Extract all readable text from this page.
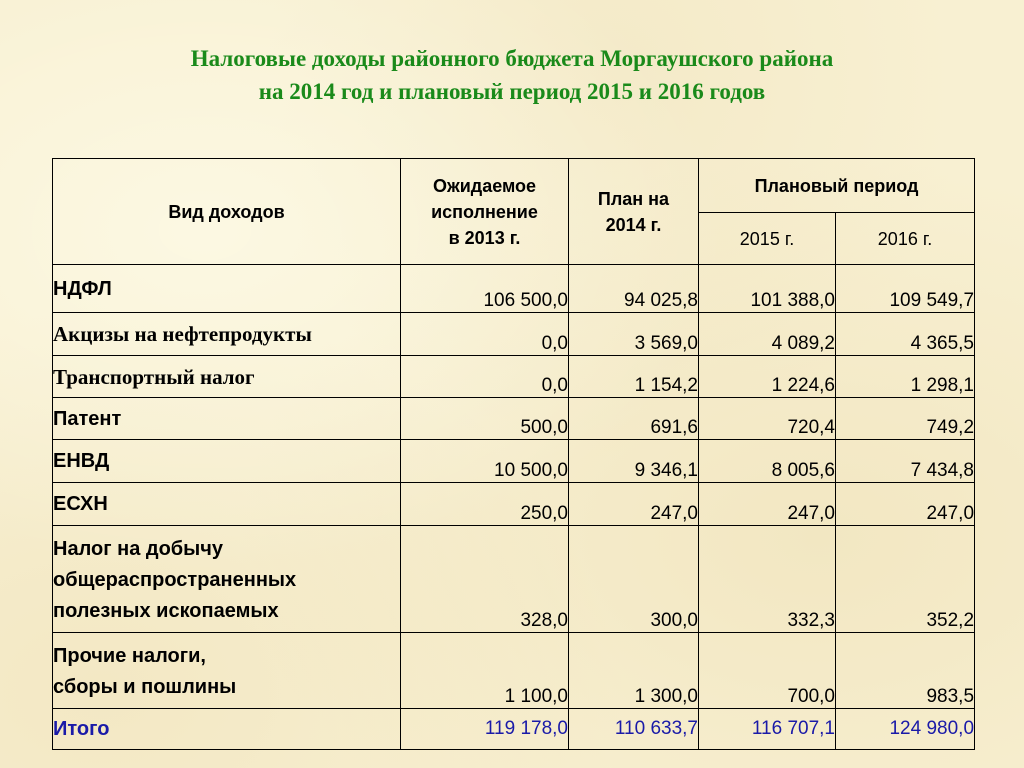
Налоговые доходы районного бюджета Моргаушского района
на 2014 год и плановый период 2015 и 2016 годов
Вид доходов	Ожидаемое исполнение в 2013 г.	План на 2014 г.	Плановый период	
			2015 г.	2016 г.
НДФЛ	106 500,0	94 025,8	101 388,0	109 549,7
Акцизы на нефтепродукты	0,0	3 569,0	4 089,2	4 365,5
Транспортный налог	0,0	1 154,2	1 224,6	1 298,1
Патент	500,0	691,6	720,4	749,2
ЕНВД	10 500,0	9 346,1	8 005,6	7 434,8
ЕСХН	250,0	247,0	247,0	247,0

Налог на добычу
общераспространенных
полезных ископаемых	328,0	300,0	332,3	352,2

Прочие налоги,
сборы и пошлины	1 100,0	1 300,0	700,0	983,5
Итого	119 178,0	110 633,7	116 707,1	124 980,0
